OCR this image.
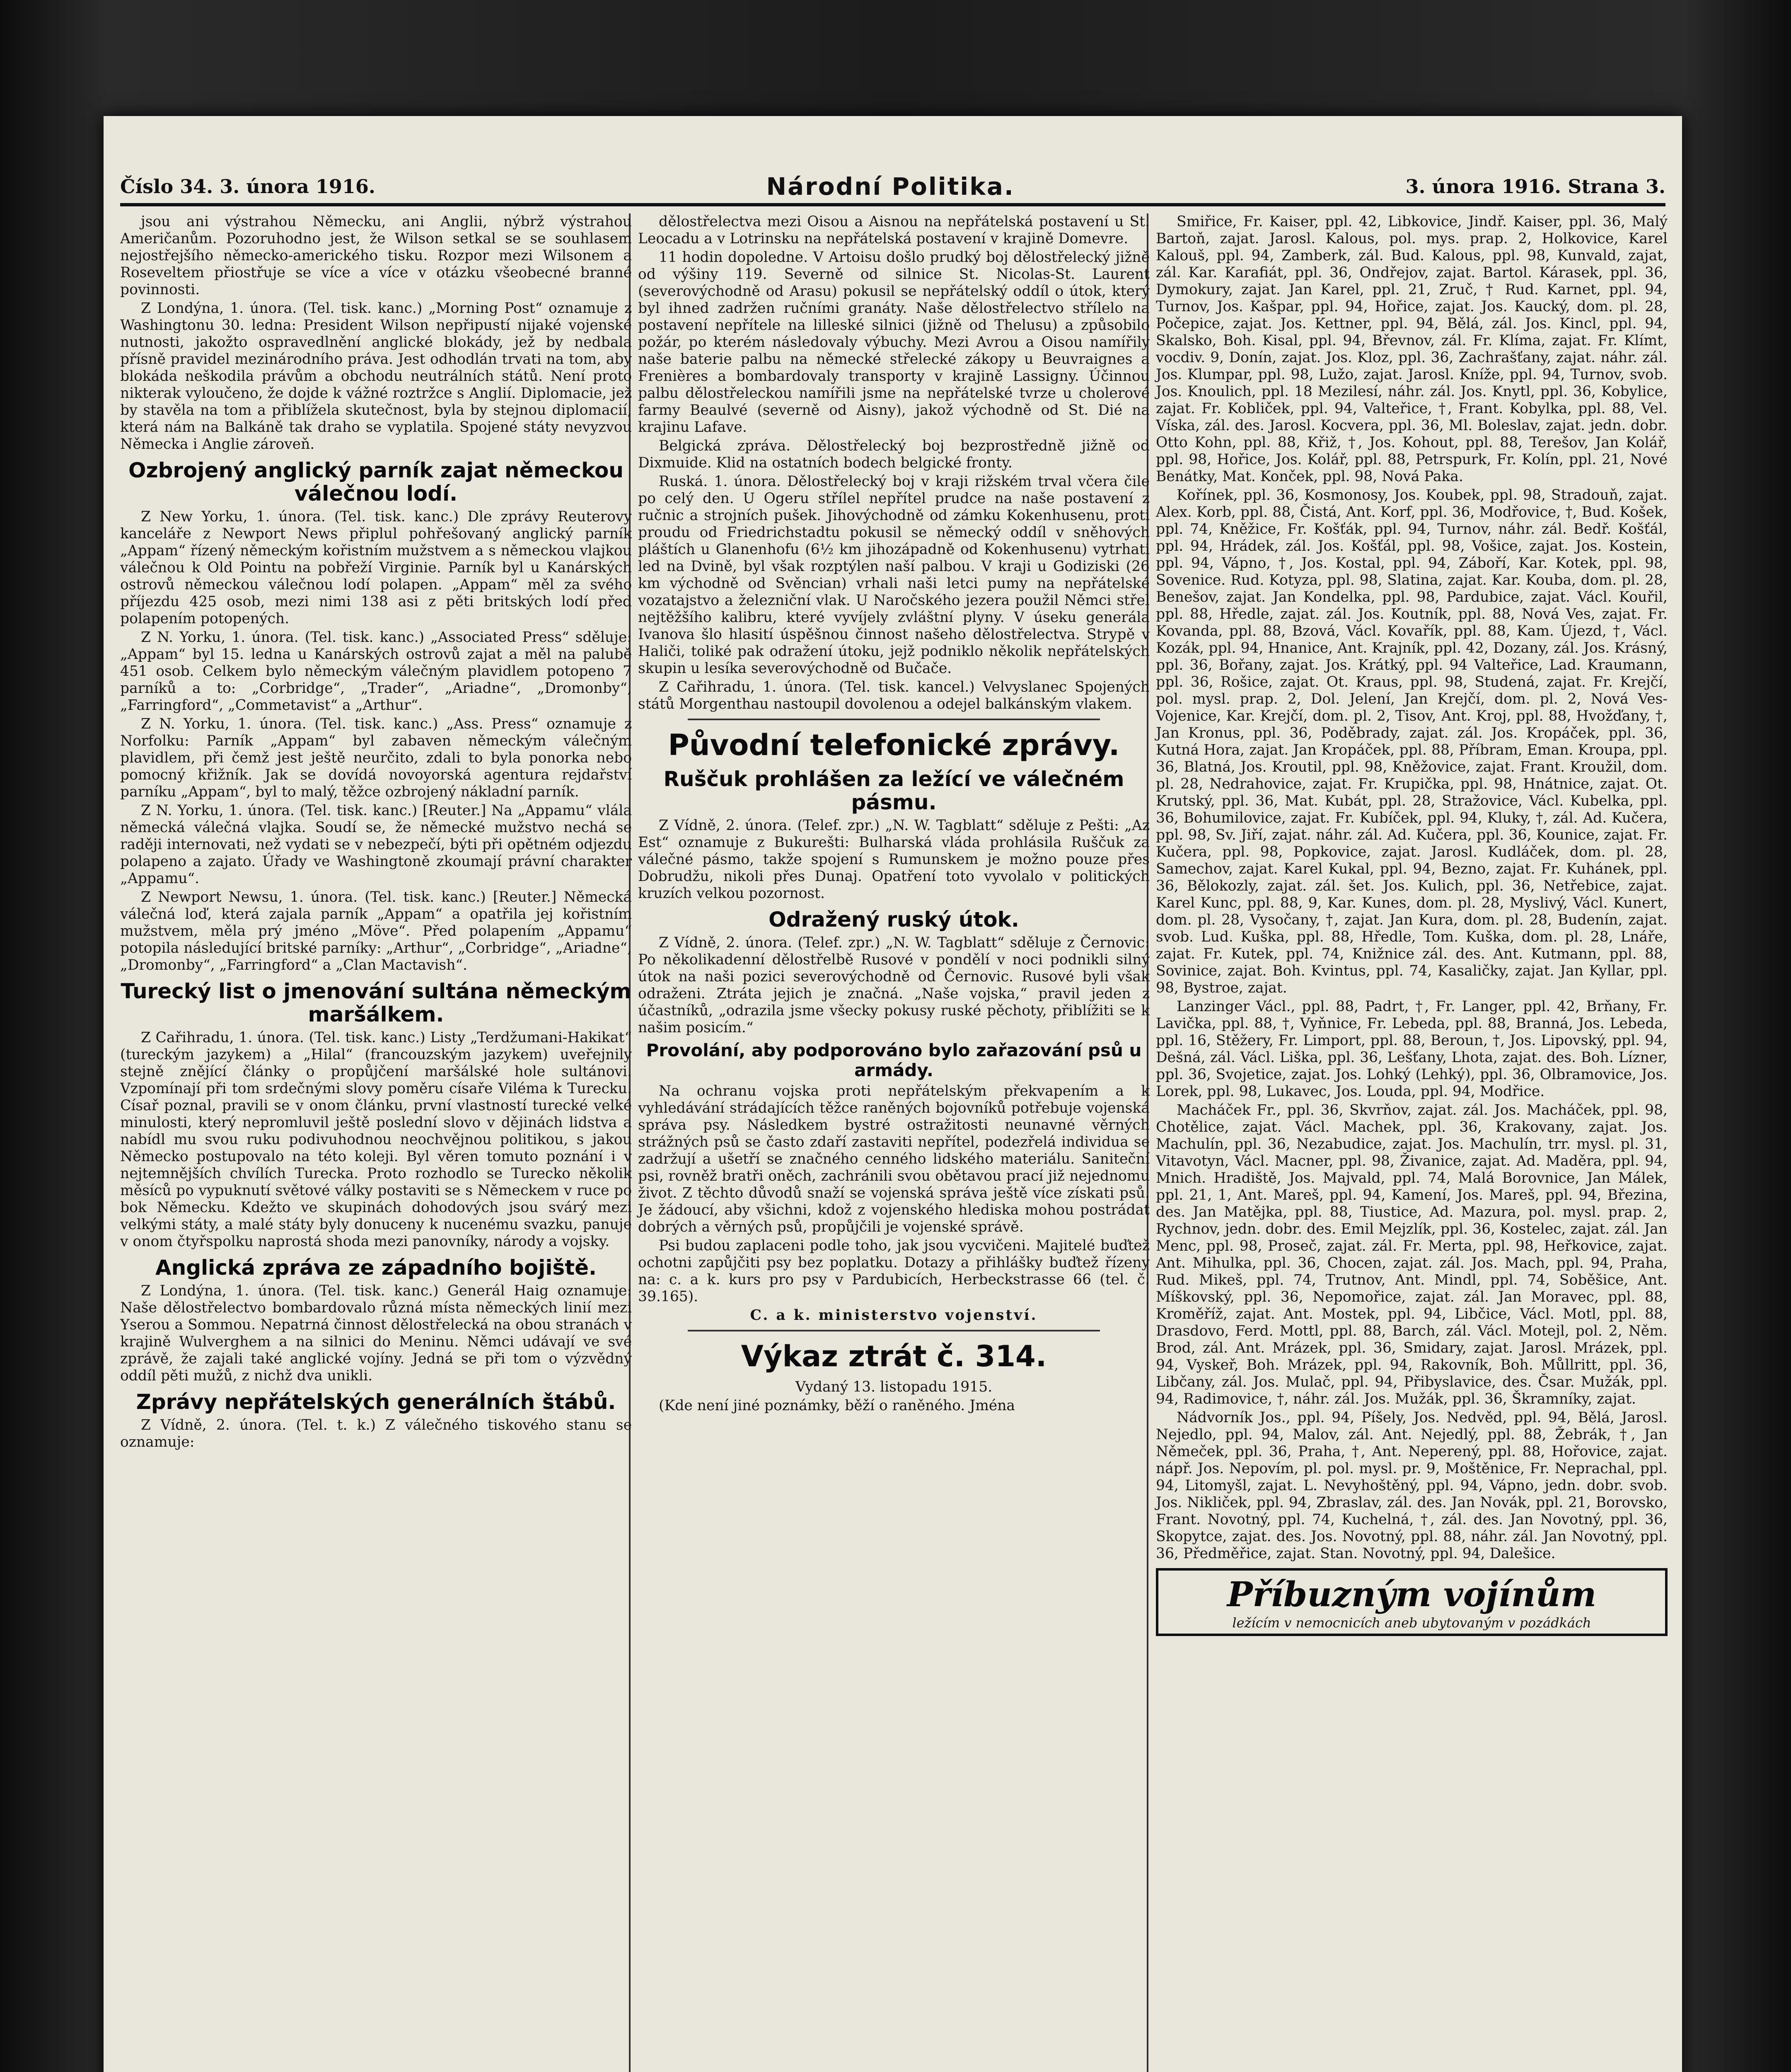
Číslo 34. 3. února 1916.	Národní Politika.	3. února 1916. Strana 3.

jsou ani výstrahou Německu, ani Anglii, nýbrž výstrahou Američanům. Pozoruhodno jest, že Wilson setkal se se souhlasem nejostřejšího německo-amerického tisku. Rozpor mezi Wilsonem a Roseveltem přiostřuje se více a více v otázku všeobecné branné povinnosti.

Z Londýna, 1. února. (Tel. tisk. kanc.) „Morning Post“ oznamuje z Washingtonu 30. ledna: President Wilson nepřipustí nijaké vojenské nutnosti, jakožto ospravedlnění anglické blokády, jež by nedbala přísně pravidel mezinárodního práva. Jest odhodlán trvati na tom, aby blokáda neškodila právům a obchodu neutrálních států. Není proto nikterak vyloučeno, že dojde k vážné roztržce s Anglií. Diplomacie, jež by stavěla na tom a přiblížela skutečnost, byla by stejnou diplomacií, která nám na Balkáně tak draho se vyplatila. Spojené státy nevyzvou Německa i Anglie zároveň.

Ozbrojený anglický parník zajat německou válečnou lodí.

Z New Yorku, 1. února. (Tel. tisk. kanc.) Dle zprávy Reuterovy kanceláře z Newport News připlul pohřešovaný anglický parník „Appam“ řízený německým kořistním mužstvem a s německou vlajkou válečnou k Old Pointu na pobřeží Virginie. Parník byl u Kanárských ostrovů německou válečnou lodí polapen. „Appam“ měl za svého příjezdu 425 osob, mezi nimi 138 asi z pěti britských lodí před polapením potopených.

Z N. Yorku, 1. února. (Tel. tisk. kanc.) „Associated Press“ sděluje: „Appam“ byl 15. ledna u Kanárských ostrovů zajat a měl na palubě 451 osob. Celkem bylo německým válečným plavidlem potopeno 7 parníků a to: „Corbridge“, „Trader“, „Ariadne“, „Dromonby“, „Farringford“, „Commetavist“ a „Arthur“.

Z N. Yorku, 1. února. (Tel. tisk. kanc.) „Ass. Press“ oznamuje z Norfolku: Parník „Appam“ byl zabaven německým válečným plavidlem, při čemž jest ještě neurčito, zdali to byla ponorka nebo pomocný křižník. Jak se dovídá novoyorská agentura rejdařství parníku „Appam“, byl to malý, těžce ozbrojený nákladní parník.

Z N. Yorku, 1. února. (Tel. tisk. kanc.) [Reuter.] Na „Appamu“ vlála německá válečná vlajka. Soudí se, že německé mužstvo nechá se raději internovati, než vydati se v nebezpečí, býti při opětném odjezdu polapeno a zajato. Úřady ve Washingtoně zkoumají právní charakter „Appamu“.

Z Newport Newsu, 1. února. (Tel. tisk. kanc.) [Reuter.] Německá válečná loď, která zajala parník „Appam“ a opatřila jej kořistním mužstvem, měla prý jméno „Möve“. Před polapením „Appamu“ potopila následující britské parníky: „Arthur“, „Corbridge“, „Ariadne“, „Dromonby“, „Farringford“ a „Clan Mactavish“.

Turecký list o jmenování sultána německým maršálkem.

Z Cařihradu, 1. února. (Tel. tisk. kanc.) Listy „Terdžumani-Hakikat“ (tureckým jazykem) a „Hilal“ (francouzským jazykem) uveřejnily stejně znějící články o propůjčení maršálské hole sultánovi. Vzpomínají při tom srdečnými slovy poměru císaře Viléma k Turecku. Císař poznal, pravili se v onom článku, první vlastností turecké velké minulosti, který nepromluvil ještě poslední slovo v dějinách lidstva a nabídl mu svou ruku podivuhodnou neochvějnou politikou, s jakou Německo postupovalo na této koleji. Byl věren tomuto poznání i v nejtemnějších chvílích Turecka. Proto rozhodlo se Turecko několik měsíců po vypuknutí světové války postaviti se s Německem v ruce po bok Německu. Kdežto ve skupinách dohodových jsou svárý mezi velkými státy, a malé státy byly donuceny k nucenému svazku, panuje v onom čtyřspolku naprostá shoda mezi panovníky, národy a vojsky.

Anglická zpráva ze západního bojiště.

Z Londýna, 1. února. (Tel. tisk. kanc.) Generál Haig oznamuje: Naše dělostřelectvo bombardovalo různá místa německých linií mezi Yserou a Sommou. Nepatrná činnost dělostřelecká na obou stranách v krajině Wulverghem a na silnici do Meninu. Němci udávají ve své zprávě, že zajali také anglické vojíny. Jedná se při tom o výzvědný oddíl pěti mužů, z nichž dva unikli.

Zprávy nepřátelských generálních štábů.

Z Vídně, 2. února. (Tel. t. k.) Z válečného tiskového stanu se oznamuje:

dělostřelectva mezi Oisou a Aisnou na nepřátelská postavení u St. Leocadu a v Lotrinsku na nepřátelská postavení v krajině Domevre.

11 hodin dopoledne. V Artoisu došlo prudký boj dělostřelecký jižně od výšiny 119. Severně od silnice St. Nicolas-St. Laurent (severovýchodně od Arasu) pokusil se nepřátelský oddíl o útok, který byl ihned zadržen ručními granáty. Naše dělostřelectvo střílelo na postavení nepřítele na lilleské silnici (jižně od Thelusu) a způsobilo požár, po kterém následovaly výbuchy. Mezi Avrou a Oisou namířily naše baterie palbu na německé střelecké zákopy u Beuvraignes a Frenières a bombardovaly transporty v krajině Lassigny. Účinnou palbu dělostřeleckou namířili jsme na nepřátelské tvrze u cholerové farmy Beaulvé (severně od Aisny), jakož východně od St. Dié na krajinu Lafave.

Belgická zpráva. Dělostřelecký boj bezprostředně jižně od Dixmuide. Klid na ostatních bodech belgické fronty.

Ruská. 1. února. Dělostřelecký boj v kraji rižském trval včera čile po celý den. U Ogeru střílel nepřítel prudce na naše postavení z ručnic a strojních pušek. Jihovýchodně od zámku Kokenhusenu, proti proudu od Friedrichstadtu pokusil se německý oddíl v sněhových pláštích u Glanenhofu (6½ km jihozápadně od Kokenhusenu) vytrhati led na Dvině, byl však rozptýlen naší palbou. V kraji u Godiziski (26 km východně od Svěncian) vrhali naši letci pumy na nepřátelské vozatajstvo a železniční vlak. U Naročského jezera použil Němci střel nejtěžšího kalibru, které vyvíjely zvláštní plyny. V úseku generála Ivanova šlo hlasití úspěšnou činnost našeho dělostřelectva. Strypě v Haliči, toliké pak odražení útoku, jejž podniklo několik nepřátelských skupin u lesíka severovýchodně od Bučače.

Z Cařihradu, 1. února. (Tel. tisk. kancel.) Velvyslanec Spojených států Morgenthau nastoupil dovolenou a odejel balkánským vlakem.

Původní telefonické zprávy.
Ruščuk prohlášen za ležící ve válečném pásmu.

Z Vídně, 2. února. (Telef. zpr.) „N. W. Tagblatt“ sděluje z Pešti: „Az Est“ oznamuje z Bukurešti: Bulharská vláda prohlásila Ruščuk za válečné pásmo, takže spojení s Rumunskem je možno pouze přes Dobrudžu, nikoli přes Dunaj. Opatření toto vyvolalo v politických kruzích velkou pozornost.

Odražený ruský útok.

Z Vídně, 2. února. (Telef. zpr.) „N. W. Tagblatt“ sděluje z Černovic: Po několikadenní dělostřelbě Rusové v pondělí v noci podnikli silný útok na naši pozici severovýchodně od Černovic. Rusové byli však odraženi. Ztráta jejich je značná. „Naše vojska,“ pravil jeden z účastníků, „odrazila jsme všecky pokusy ruské pěchoty, přiblížiti se k našim posicím.“

Provolání, aby podporováno bylo zařazování psů u armády.

Na ochranu vojska proti nepřátelským překvapením a k vyhledávání strádajících těžce raněných bojovníků potřebuje vojenská správa psy. Následkem bystré ostražitosti neunavné věrných strážných psů se často zdaří zastaviti nepřítel, podezřelá individua se zadržují a ušetří se značného cenného lidského materiálu. Saniteční psi, rovněž bratři oněch, zachránili svou obětavou prací již nejednomu život. Z těchto důvodů snaží se vojenská správa ještě více získati psů. Je žádoucí, aby všichni, kdož z vojenského hlediska mohou postrádat dobrých a věrných psů, propůjčili je vojenské správě.

Psi budou zaplaceni podle toho, jak jsou vycvičeni. Majitelé buďtež ochotni zapůjčiti psy bez poplatku. Dotazy a přihlášky buďtež řízeny na: c. a k. kurs pro psy v Pardubicích, Herbeckstrasse 66 (tel. č. 39.165).

C. a k. ministerstvo vojenství.

Výkaz ztrát č. 314.

Vydaný 13. listopadu 1915.

(Kde není jiné poznámky, běží o raněného. Jména

Smiřice, Fr. Kaiser, ppl. 42, Libkovice, Jindř. Kaiser, ppl. 36, Malý Bartoň, zajat. Jarosl. Kalous, pol. mys. prap. 2, Holkovice, Karel Kalouš, ppl. 94, Zamberk, zál. Bud. Kalous, ppl. 98, Kunvald, zajat, zál. Kar. Karafiát, ppl. 36, Ondřejov, zajat. Bartol. Kárasek, ppl. 36, Dymokury, zajat. Jan Karel, ppl. 21, Zruč, † Rud. Karnet, ppl. 94, Turnov, Jos. Kašpar, ppl. 94, Hořice, zajat. Jos. Kaucký, dom. pl. 28, Počepice, zajat. Jos. Kettner, ppl. 94, Bělá, zál. Jos. Kincl, ppl. 94, Skalsko, Boh. Kisal, ppl. 94, Břevnov, zál. Fr. Klíma, zajat. Fr. Klímt, vocdiv. 9, Donín, zajat. Jos. Kloz, ppl. 36, Zachrašťany, zajat. náhr. zál. Jos. Klumpar, ppl. 98, Lužo, zajat. Jarosl. Kníže, ppl. 94, Turnov, svob. Jos. Knoulich, ppl. 18 Mezilesí, náhr. zál. Jos. Knytl, ppl. 36, Kobylice, zajat. Fr. Kobliček, ppl. 94, Valteřice, †, Frant. Kobylka, ppl. 88, Vel. Víska, zál. des. Jarosl. Kocvera, ppl. 36, Ml. Boleslav, zajat. jedn. dobr. Otto Kohn, ppl. 88, Křiž, †, Jos. Kohout, ppl. 88, Terešov, Jan Kolář, ppl. 98, Hořice, Jos. Kolář, ppl. 88, Petrspurk, Fr. Kolín, ppl. 21, Nové Benátky, Mat. Konček, ppl. 98, Nová Paka.

Kořínek, ppl. 36, Kosmonosy, Jos. Koubek, ppl. 98, Stradouň, zajat. Alex. Korb, ppl. 88, Čistá, Ant. Korf, ppl. 36, Modřovice, †, Bud. Košek, ppl. 74, Kněžice, Fr. Košťák, ppl. 94, Turnov, náhr. zál. Bedř. Košťál, ppl. 94, Hrádek, zál. Jos. Košťál, ppl. 98, Vošice, zajat. Jos. Kostein, ppl. 94, Vápno, †, Jos. Kostal, ppl. 94, Záboří, Kar. Kotek, ppl. 98, Sovenice. Rud. Kotyza, ppl. 98, Slatina, zajat. Kar. Kouba, dom. pl. 28, Benešov, zajat. Jan Kondelka, ppl. 98, Pardubice, zajat. Václ. Kouřil, ppl. 88, Hředle, zajat. zál. Jos. Koutník, ppl. 88, Nová Ves, zajat. Fr. Kovanda, ppl. 88, Bzová, Václ. Kovařík, ppl. 88, Kam. Újezd, †, Václ. Kozák, ppl. 94, Hnanice, Ant. Krajník, ppl. 42, Dozany, zál. Jos. Krásný, ppl. 36, Bořany, zajat. Jos. Krátký, ppl. 94 Valteřice, Lad. Kraumann, ppl. 36, Rošice, zajat. Ot. Kraus, ppl. 98, Studená, zajat. Fr. Krejčí, pol. mysl. prap. 2, Dol. Jelení, Jan Krejčí, dom. pl. 2, Nová Ves-Vojenice, Kar. Krejčí, dom. pl. 2, Tisov, Ant. Kroj, ppl. 88, Hvožďany, †, Jan Kronus, ppl. 36, Poděbrady, zajat. zál. Jos. Kropáček, ppl. 36, Kutná Hora, zajat. Jan Kropáček, ppl. 88, Příbram, Eman. Kroupa, ppl. 36, Blatná, Jos. Kroutil, ppl. 98, Kněžovice, zajat. Frant. Kroužil, dom. pl. 28, Nedrahovice, zajat. Fr. Krupička, ppl. 98, Hnátnice, zajat. Ot. Krutský, ppl. 36, Mat. Kubát, ppl. 28, Stražovice, Václ. Kubelka, ppl. 36, Bohumilovice, zajat. Fr. Kubíček, ppl. 94, Kluky, †, zál. Ad. Kučera, ppl. 98, Sv. Jiří, zajat. náhr. zál. Ad. Kučera, ppl. 36, Kounice, zajat. Fr. Kučera, ppl. 98, Popkovice, zajat. Jarosl. Kudláček, dom. pl. 28, Samechov, zajat. Karel Kukal, ppl. 94, Bezno, zajat. Fr. Kuhánek, ppl. 36, Bělokozly, zajat. zál. šet. Jos. Kulich, ppl. 36, Netřebice, zajat. Karel Kunc, ppl. 88, 9, Kar. Kunes, dom. pl. 28, Myslivý, Václ. Kunert, dom. pl. 28, Vysočany, †, zajat. Jan Kura, dom. pl. 28, Budenín, zajat. svob. Lud. Kuška, ppl. 88, Hředle, Tom. Kuška, dom. pl. 28, Lnáře, zajat. Fr. Kutek, ppl. 74, Knižnice zál. des. Ant. Kutmann, ppl. 88, Sovinice, zajat. Boh. Kvintus, ppl. 74, Kasaličky, zajat. Jan Kyllar, ppl. 98, Bystroe, zajat.

Lanzinger Václ., ppl. 88, Padrt, †, Fr. Langer, ppl. 42, Brňany, Fr. Lavička, ppl. 88, †, Vyňnice, Fr. Lebeda, ppl. 88, Branná, Jos. Lebeda, ppl. 16, Stěžery, Fr. Limport, ppl. 88, Beroun, †, Jos. Lipovský, ppl. 94, Dešná, zál. Václ. Liška, ppl. 36, Lešťany, Lhota, zajat. des. Boh. Lízner, ppl. 36, Svojetice, zajat. Jos. Lohký (Lehký), ppl. 36, Olbramovice, Jos. Lorek, ppl. 98, Lukavec, Jos. Louda, ppl. 94, Modřice.

Macháček Fr., ppl. 36, Skvrňov, zajat. zál. Jos. Macháček, ppl. 98, Chotělice, zajat. Václ. Machek, ppl. 36, Krakovany, zajat. Jos. Machulín, ppl. 36, Nezabudice, zajat. Jos. Machulín, trr. mysl. pl. 31, Vitavotyn, Václ. Macner, ppl. 98, Živanice, zajat. Ad. Maděra, ppl. 94, Mnich. Hradiště, Jos. Majvald, ppl. 74, Malá Borovnice, Jan Málek, ppl. 21, 1, Ant. Mareš, ppl. 94, Kamení, Jos. Mareš, ppl. 94, Březina, des. Jan Matějka, ppl. 88, Tiustice, Ad. Mazura, pol. mysl. prap. 2, Rychnov, jedn. dobr. des. Emil Mejzlík, ppl. 36, Kostelec, zajat. zál. Jan Menc, ppl. 98, Proseč, zajat. zál. Fr. Merta, ppl. 98, Heřkovice, zajat. Ant. Mihulka, ppl. 36, Chocen, zajat. zál. Jos. Mach, ppl. 94, Praha, Rud. Mikeš, ppl. 74, Trutnov, Ant. Mindl, ppl. 74, Soběšice, Ant. Míškovský, ppl. 36, Nepomořice, zajat. zál. Jan Moravec, ppl. 88, Kroměříž, zajat. Ant. Mostek, ppl. 94, Libčice, Václ. Motl, ppl. 88, Drasdovo, Ferd. Mottl, ppl. 88, Barch, zál. Václ. Motejl, pol. 2, Něm. Brod, zál. Ant. Mrázek, ppl. 36, Smidary, zajat. Jarosl. Mrázek, ppl. 94, Vyskeř, Boh. Mrázek, ppl. 94, Rakovník, Boh. Můllritt, ppl. 36, Libčany, zál. Jos. Mulač, ppl. 94, Přibyslavice, des. Čsar. Mužák, ppl. 94, Radimovice, †, náhr. zál. Jos. Mužák, ppl. 36, Škramníky, zajat.

Nádvorník Jos., ppl. 94, Píšely, Jos. Nedvěd, ppl. 94, Bělá, Jarosl. Nejedlo, ppl. 94, Malov, zál. Ant. Nejedlý, ppl. 88, Žebrák, †, Jan Němeček, ppl. 36, Praha, †, Ant. Neperený, ppl. 88, Hořovice, zajat. nápř. Jos. Nepovím, pl. pol. mysl. pr. 9, Moštěnice, Fr. Neprachal, ppl. 94, Litomyšl, zajat. L. Nevyhoštěný, ppl. 94, Vápno, jedn. dobr. svob. Jos. Nikliček, ppl. 94, Zbraslav, zál. des. Jan Novák, ppl. 21, Borovsko, Frant. Novotný, ppl. 74, Kuchelná, †, zál. des. Jan Novotný, ppl. 36, Skopytce, zajat. des. Jos. Novotný, ppl. 88, náhr. zál. Jan Novotný, ppl. 36, Předměřice, zajat. Stan. Novotný, ppl. 94, Dalešice.

Příbuzným vojínům
ležícím v nemocnicích aneb ubytovaným v pozádkách
